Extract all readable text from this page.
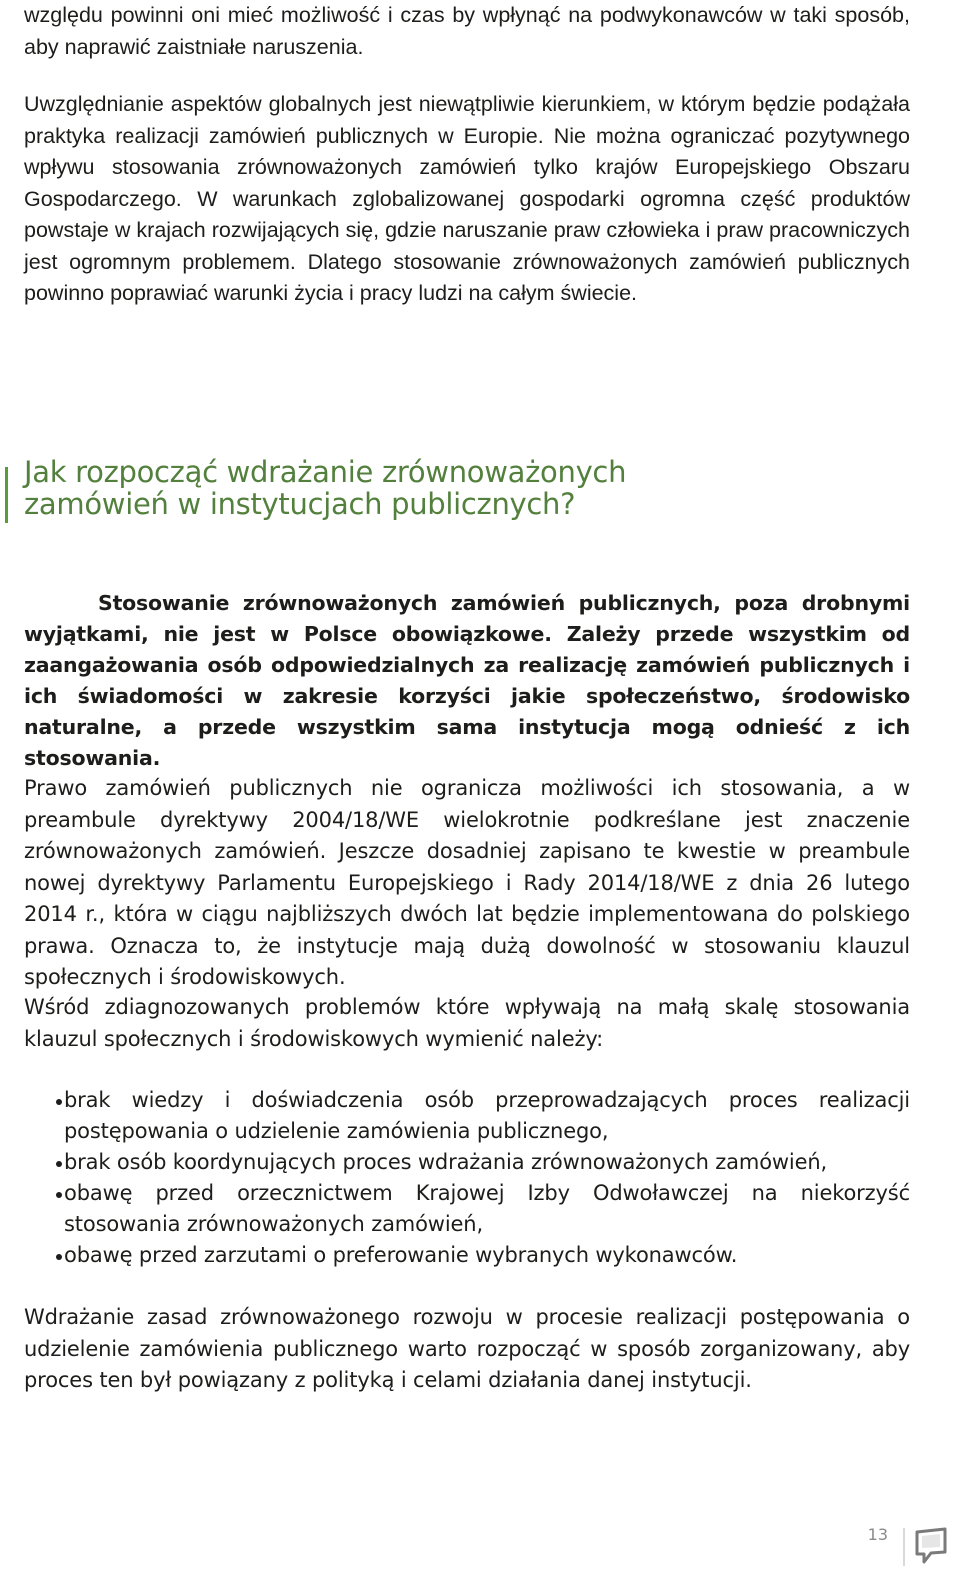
względu powinni oni mieć możliwość i czas by wpłynąć na podwykonawców w taki sposób, aby naprawić zaistniałe naruszenia.

Uwzględnianie aspektów globalnych jest niewątpliwie kierunkiem, w którym będzie podążała praktyka realizacji zamówień publicznych w Europie. Nie można ograniczać pozytywnego wpływu stosowania zrównoważonych zamówień tylko krajów Europejskiego Obszaru Gospodarczego. W warunkach zglobalizowanej gospodarki ogromna część produktów powstaje w krajach rozwijających się, gdzie naruszanie praw człowieka i praw pracowniczych jest ogromnym problemem. Dlatego stosowanie zrównoważonych zamówień publicznych powinno poprawiać warunki życia i pracy ludzi na całym świecie.

Jak rozpocząć wdrażanie zrównoważonych zamówień w instytucjach publicznych?

Stosowanie zrównoważonych zamówień publicznych, poza drobnymi wyjątkami, nie jest w Polsce obowiązkowe. Zależy przede wszystkim od zaangażowania osób odpowiedzialnych za realizację zamówień publicznych i ich świadomości w zakresie korzyści jakie społeczeństwo, środowisko naturalne, a przede wszystkim sama instytucja mogą odnieść z ich stosowania.

Prawo zamówień publicznych nie ogranicza możliwości ich stosowania, a w preambule dyrektywy 2004/18/WE wielokrotnie podkreślane jest znaczenie zrównoważonych zamówień. Jeszcze dosadniej zapisano te kwestie w preambule nowej dyrektywy Parlamentu Europejskiego i Rady 2014/18/WE z dnia 26 lutego 2014 r., która w ciągu najbliższych dwóch lat będzie implementowana do polskiego prawa. Oznacza to, że instytucje mają dużą dowolność w stosowaniu klauzul społecznych i środowiskowych.

Wśród zdiagnozowanych problemów które wpływają na małą skalę stosowania klauzul społecznych i środowiskowych wymienić należy:

brak wiedzy i doświadczenia osób przeprowadzających proces realizacji postępowania o udzielenie zamówienia publicznego,
brak osób koordynujących proces wdrażania zrównoważonych zamówień,
obawę przed orzecznictwem Krajowej Izby Odwoławczej na niekorzyść stosowania zrównoważonych zamówień,
obawę przed zarzutami o preferowanie wybranych wykonawców.

Wdrażanie zasad zrównoważonego rozwoju w procesie realizacji postępowania o udzielenie zamówienia publicznego warto rozpocząć w sposób zorganizowany, aby proces ten był powiązany z polityką i celami działania danej instytucji.

13
